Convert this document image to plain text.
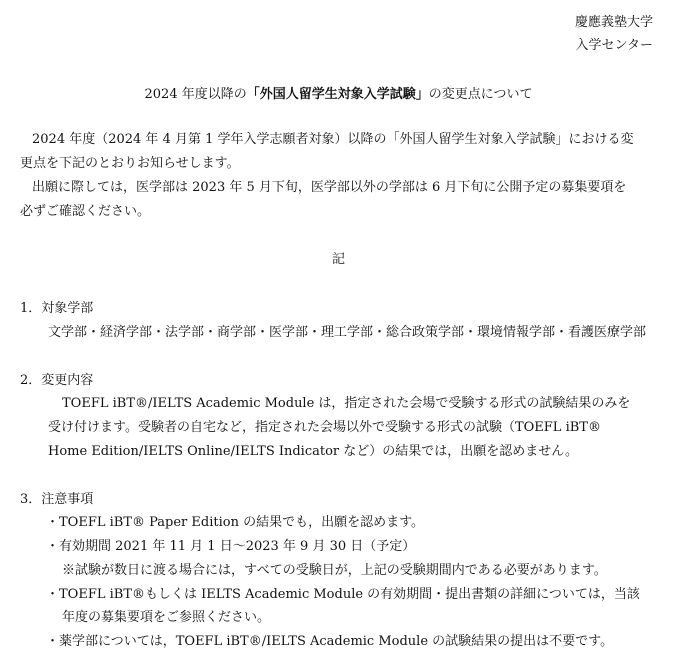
慶應義塾大学
入学センター
2024 年度以降の「外国人留学生対象入学試験」の変更点について
2024 年度（2024 年 4 月第 1 学年入学志願者対象）以降の「外国人留学生対象入学試験」における変
更点を下記のとおりお知らせします。
出願に際しては，医学部は 2023 年 5 月下旬，医学部以外の学部は 6 月下旬に公開予定の募集要項を
必ずご確認ください。
記
1．対象学部
文学部・経済学部・法学部・商学部・医学部・理工学部・総合政策学部・環境情報学部・看護医療学部
2．変更内容
TOEFL iBT®/IELTS Academic Module は，指定された会場で受験する形式の試験結果のみを
受け付けます。受験者の自宅など，指定された会場以外で受験する形式の試験（TOEFL iBT®
Home Edition/IELTS Online/IELTS Indicator など）の結果では，出願を認めません。
3．注意事項
・TOEFL iBT® Paper Edition の結果でも，出願を認めます。
・有効期間 2021 年 11 月 1 日～2023 年 9 月 30 日（予定）
※試験が数日に渡る場合には，すべての受験日が，上記の受験期間内である必要があります。
・TOEFL iBT®もしくは IELTS Academic Module の有効期間・提出書類の詳細については，当該
年度の募集要項をご参照ください。
・薬学部については，TOEFL iBT®/IELTS Academic Module の試験結果の提出は不要です。
